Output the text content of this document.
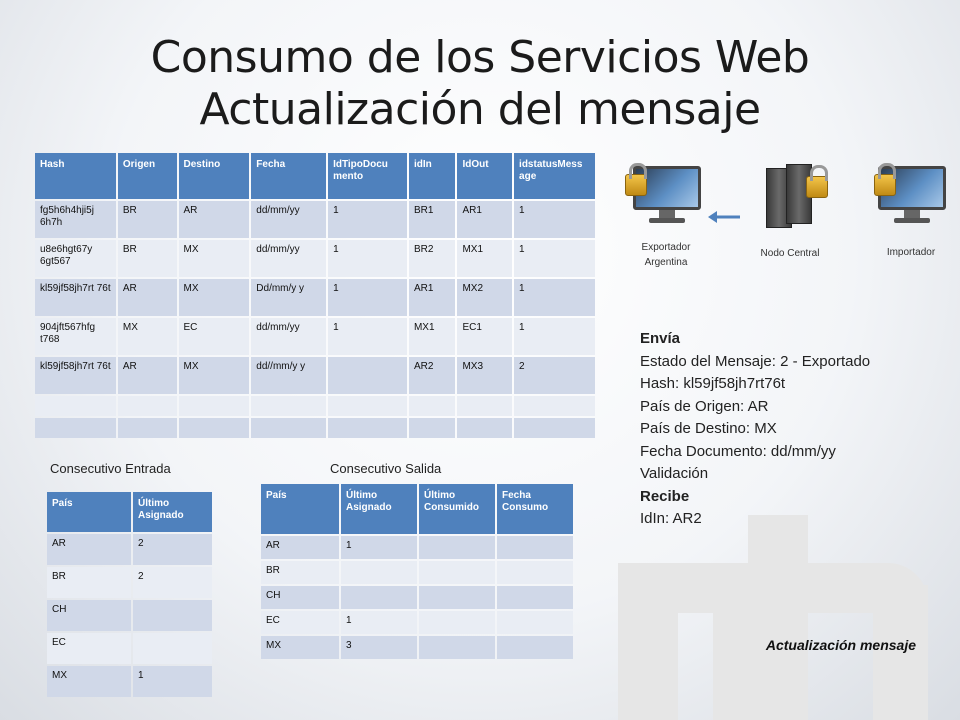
Consumo de los Servicios Web
Actualización del mensaje
Hash	Origen	Destino	Fecha	IdTipoDocu mento	idIn	IdOut	idstatusMess age
fg5h6h4hji5j 6h7h	BR	AR	dd/mm/yy	1	BR1	AR1	1
u8e6hgt67y 6gt567	BR	MX	dd/mm/yy	1	BR2	MX1	1
kl59jf58jh7rt 76t	AR	MX	Dd/mm/y y	1	AR1	MX2	1
904jft567hfg t768	MX	EC	dd/mm/yy	1	MX1	EC1	1
kl59jf58jh7rt 76t	AR	MX	dd//mm/y y		AR2	MX3	2

Exportador Argentina
Nodo Central	Importador
Envía
Estado del Mensaje: 2 - Exportado
Hash: kl59jf58jh7rt76t
País de Origen: AR
País de Destino: MX
Fecha Documento: dd/mm/yy
Validación
Recibe
IdIn: AR2
Consecutivo Entrada	Consecutivo Salida
País	Último Asignado
AR	2
BR	2
CH	
EC	
MX	1
País	Último Asignado	Último Consumido	Fecha Consumo
AR	1		
BR			
CH			
EC	1		
MX	3			Actualización mensaje
